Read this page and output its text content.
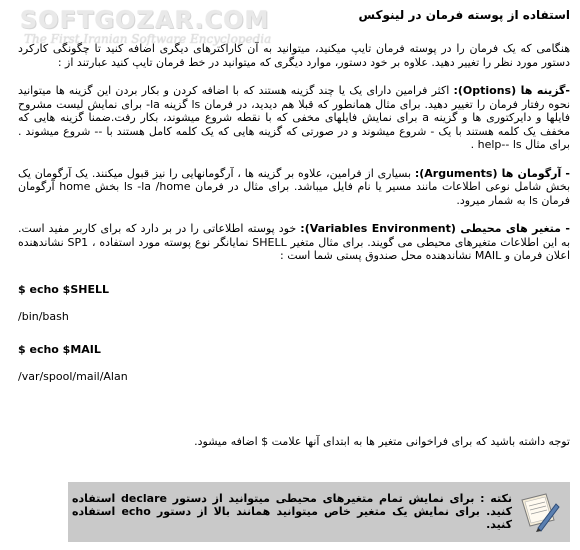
SOFTGOZAR.COM
The First Iranian Software Encyclopedia
استفاده از پوسته فرمان در لینوکس

هنگامی که یک فرمان را در پوسته فرمان تایپ میکنید، میتوانید به آن کاراکترهای دیگری اضافه کنید تا چگونگی کارکرد دستور مورد نظر را تغییر دهید. علاوه بر خود دستور، موارد دیگری که میتوانید در خط فرمان تایپ کنید عبارتند از :

-گزینه ها (Options): اکثر فرامین دارای یک یا چند گزینه هستند که با اضافه کردن و بکار بردن این گزینه ها میتوانید نحوه رفتار فرمان را تغییر دهید. برای مثال همانطور که قبلا هم دیدید، در فرمان ls گزینه la- برای نمایش لیست مشروح فایلها و دایرکتوری ها و گزینه a برای نمایش فایلهای مخفی که با نقطه شروع میشوند، بکار رفت.ضمنا گزینه هایی که مخفف یک کلمه هستند با یک - شروع میشوند و در صورتی که گزینه هایی که یک کلمه کامل هستند با -- شروع میشوند . برای مثال help-- ls .

- آرگومان ها (Arguments): بسیاری از فرامین، علاوه بر گزینه ها ، آرگومانهایی را نیز قبول میکنند. یک آرگومان یک بخش شامل نوعی اطلاعات مانند مسیر یا نام فایل میباشد. برای مثال در فرمان ls -la /home بخش home آرگومان فرمان ls به شمار میرود.

- متغیر های محیطی (Variables Environment): خود پوسته اطلاعاتی را در بر دارد که برای کاربر مفید است. به این اطلاعات متغیرهای محیطی می گویند. برای مثال متغیر SHELL نمایانگر نوع پوسته مورد استفاده ، SP1 نشاندهنده اعلان فرمان و MAIL نشاندهنده محل صندوق پستی شما است :

$ echo $SHELL

/bin/bash

$ echo $MAIL

/var/spool/mail/Alan

توجه داشته باشید که برای فراخوانی متغیر ها به ابتدای آنها علامت $ اضافه میشود.

نکته : برای نمایش تمام متغیرهای محیطی میتوانید از دستور declare استفاده کنید. برای نمایش یک متغیر خاص میتوانید همانند بالا از دستور echo استفاده کنید.
